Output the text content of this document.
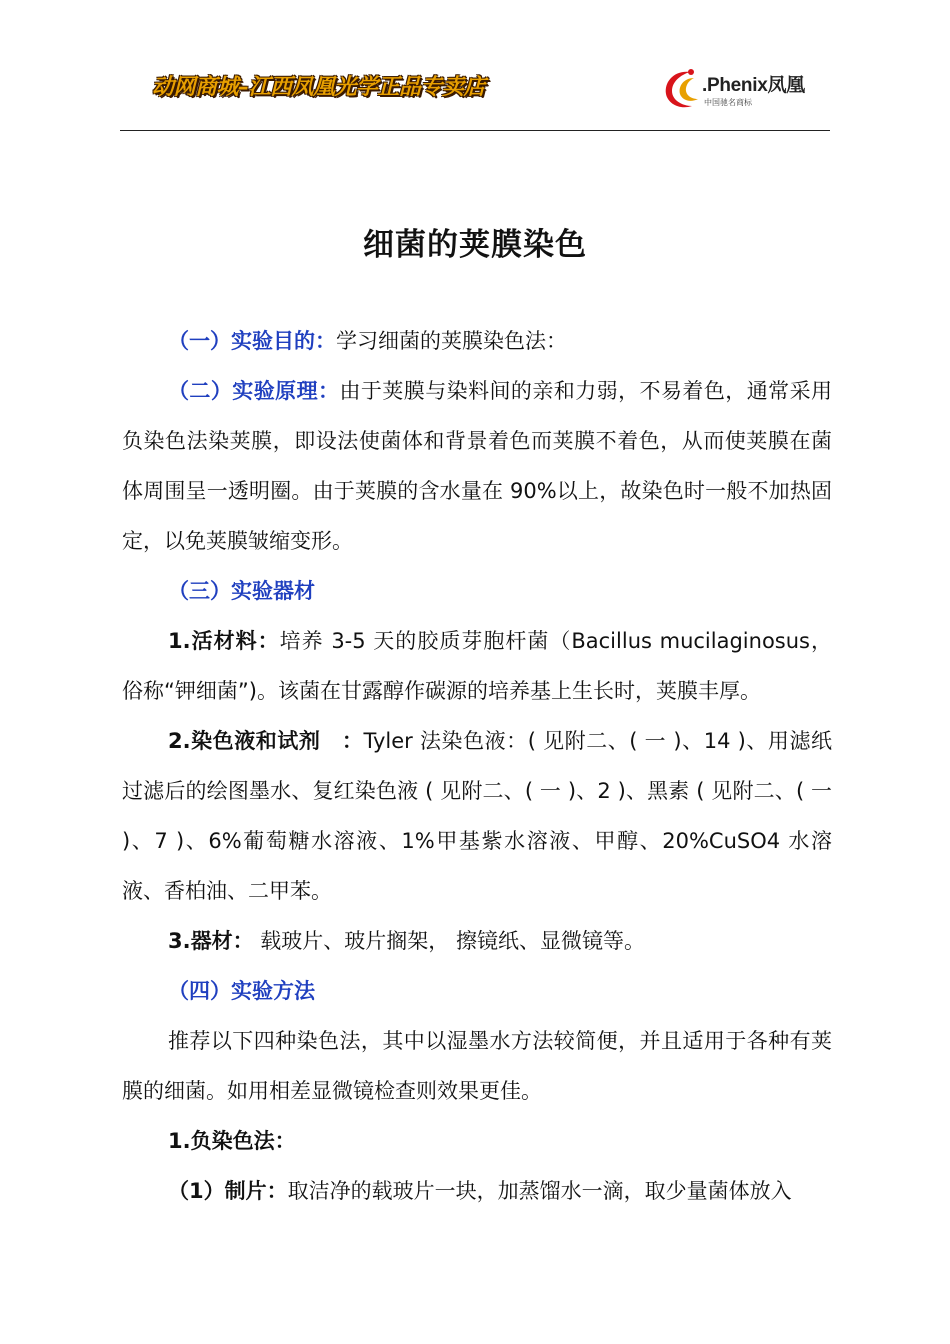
动网商城–江西凤凰光学正品专卖店	.Phenix凤凰
中国驰名商标
细菌的荚膜染色

（一）实验目的：学习细菌的荚膜染色法：

（二）实验原理：由于荚膜与染料间的亲和力弱，不易着色，通常采用负染色法染荚膜，即设法使菌体和背景着色而荚膜不着色，从而使荚膜在菌体周围呈一透明圈。由于荚膜的含水量在 90%以上，故染色时一般不加热固定，以免荚膜皱缩变形。

（三）实验器材

1.活材料：培养 3-5 天的胶质芽胞杆菌（Bacillus mucilaginosus，俗称“钾细菌”)。该菌在甘露醇作碳源的培养基上生长时，荚膜丰厚。

2.染色液和试剂　：Tyler 法染色液：( 见附二、( 一 )、14 )、用滤纸过滤后的绘图墨水、复红染色液 ( 见附二、( 一 )、2 )、黑素 ( 见附二、( 一 )、7 )、6%葡萄糖水溶液、1%甲基紫水溶液、甲醇、20%CuSO4 水溶液、香柏油、二甲苯。

3.器材： 载玻片、玻片搁架， 擦镜纸、显微镜等。

（四）实验方法

推荐以下四种染色法，其中以湿墨水方法较简便，并且适用于各种有荚膜的细菌。如用相差显微镜检查则效果更佳。

1.负染色法：

（1）制片：取洁净的载玻片一块，加蒸馏水一滴，取少量菌体放入
